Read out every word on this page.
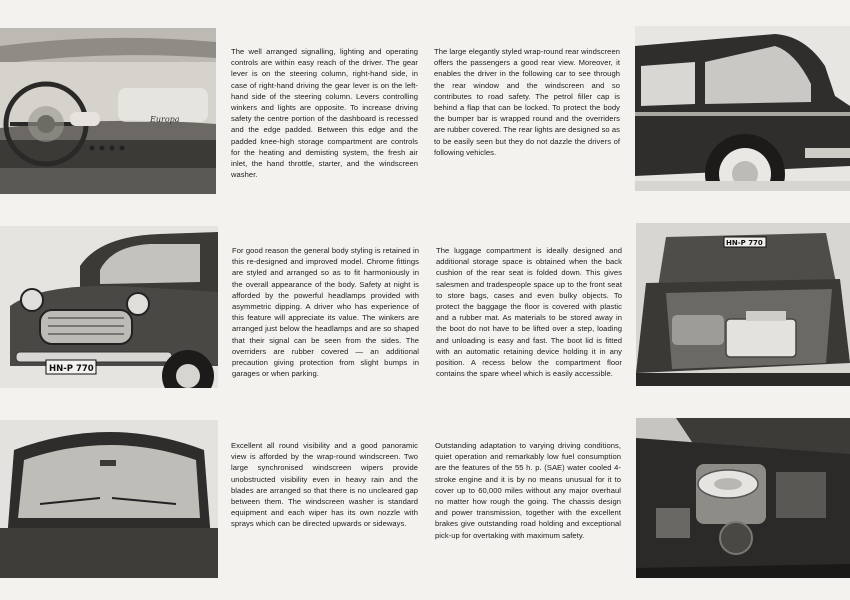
Europa

The well arranged signalling, lighting and operating controls are within easy reach of the driver. The gear lever is on the steering column, right-hand side, in case of right-hand driving the gear lever is on the left-hand side of the steering column. Levers controlling winkers and lights are opposite. To increase driving safety the centre portion of the dashboard is recessed and the edge padded. Between this edge and the padded knee-high storage compartment are controls for the heating and demisting system, the fresh air inlet, the hand throttle, starter, and the windscreen washer.

The large elegantly styled wrap-round rear windscreen offers the passengers a good rear view. Moreover, it enables the driver in the following car to see through the rear window and the windscreen and so contributes to road safety. The petrol filler cap is behind a flap that can be locked. To protect the body the bumper bar is wrapped round and the overriders are rubber covered. The rear lights are designed so as to be easily seen but they do not dazzle the drivers of following vehicles.

HN-P 770

For good reason the general body styling is retained in this re-designed and improved model. Chrome fittings are styled and arranged so as to fit harmoniously in the overall appearance of the body. Safety at night is afforded by the powerful headlamps provided with asymmetric dipping. A driver who has experience of this feature will appreciate its value. The winkers are arranged just below the headlamps and are so shaped that their signal can be seen from the sides. The overriders are rubber covered — an additional precaution giving protection from slight bumps in garages or when parking.

The luggage compartment is ideally designed and additional storage space is obtained when the back cushion of the rear seat is folded down. This gives salesmen and tradespeople space up to the front seat to store bags, cases and even bulky objects. To protect the baggage the floor is covered with plastic and a rubber mat. As materials to be stored away in the boot do not have to be lifted over a step, loading and unloading is easy and fast. The boot lid is fitted with an automatic retaining device holding it in any position. A recess below the compartment floor contains the spare wheel which is easily accessible.

HN-P 770

Excellent all round visibility and a good panoramic view is afforded by the wrap-round windscreen. Two large synchronised windscreen wipers provide unobstructed visibility even in heavy rain and the blades are arranged so that there is no uncleared gap between them. The windscreen washer is standard equipment and each wiper has its own nozzle with sprays which can be directed upwards or sideways.

Outstanding adaptation to varying driving conditions, quiet operation and remarkably low fuel consumption are the features of the 55 h. p. (SAE) water cooled 4-stroke engine and it is by no means unusual for it to cover up to 60,000 miles without any major overhaul no matter how rough the going. The chassis design and power transmission, together with the excellent brakes give outstanding road holding and exceptional pick-up for overtaking with maximum safety.
